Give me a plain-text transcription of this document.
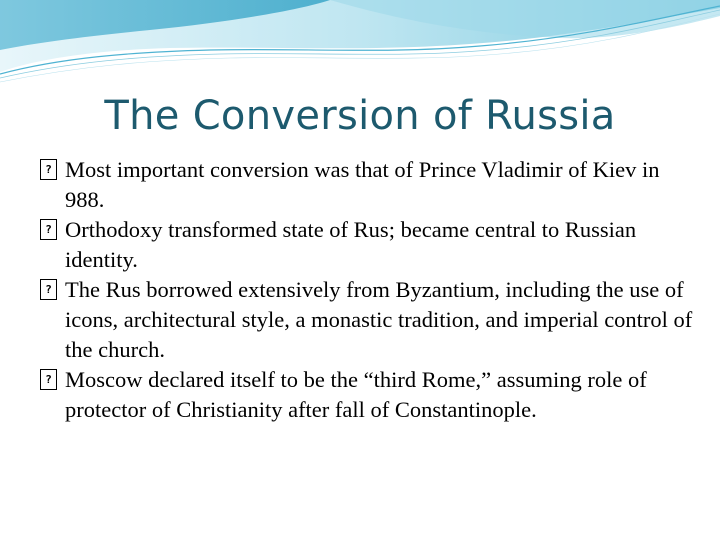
The Conversion of Russia
?
Most important conversion was that of Prince Vladimir of Kiev in 988.
?
Orthodoxy transformed state of Rus; became central to Russian identity.
?
The Rus borrowed extensively from Byzantium, including the use of icons, architectural style, a monastic tradition, and imperial control of the church.
?
Moscow declared itself to be the “third Rome,” assuming role of protector of Christianity after fall of Constantinople.
